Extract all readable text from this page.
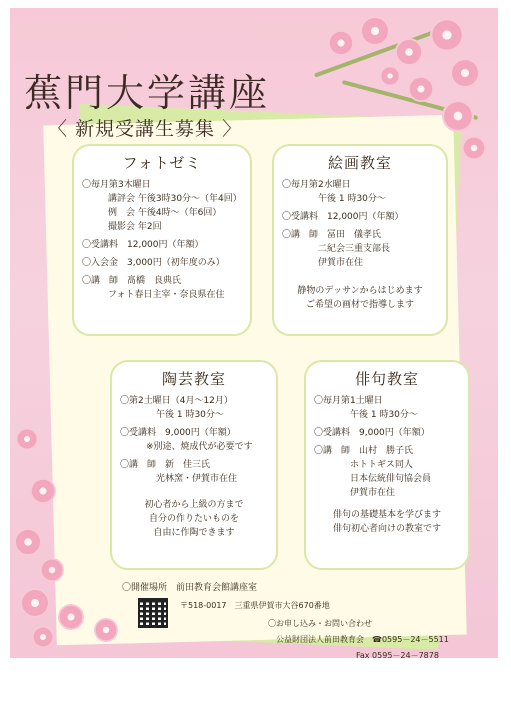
蕉門大学講座
〈 新規受講生募集 〉
フォトゼミ
〇毎月第3木曜日
講評会 午後3時30分～（年4回）
例　会 午後4時～（年6回）
撮影会 年2回
〇受講料　12,000円（年額）
〇入会金　3,000円（初年度のみ）
〇講　師　髙橋　良典氏
フォト春日主宰・奈良県在住
絵画教室
〇毎月第2水曜日
午後 1 時30分～
〇受講料　12,000円（年額）
〇講　師　冨田　儀孝氏
二紀会三重支部長
伊賀市在住
静物のデッサンからはじめます
ご希望の画材で指導します
陶芸教室
〇第2土曜日（4月～12月）
午後 1 時30分～
〇受講料　9,000円（年額）
※別途、焼成代が必要です
〇講　師　新　佳三氏
光林窯・伊賀市在住
初心者から上級の方まで
自分の作りたいものを
自由に作陶できます
俳句教室
〇毎月第1土曜日
午後 1 時30分～
〇受講料　9,000円（年額）
〇講　師　山村　勝子氏
ホトトギス同人
日本伝統俳句協会員
伊賀市在住
俳句の基礎基本を学びます
俳句初心者向けの教室です
〇開催場所　前田教育会館講座室
〒518-0017　三重県伊賀市大谷670番地
〇お申し込み・お問い合わせ
公益財団法人前田教育会　☎0595－24－5511
Fax 0595－24－7878
